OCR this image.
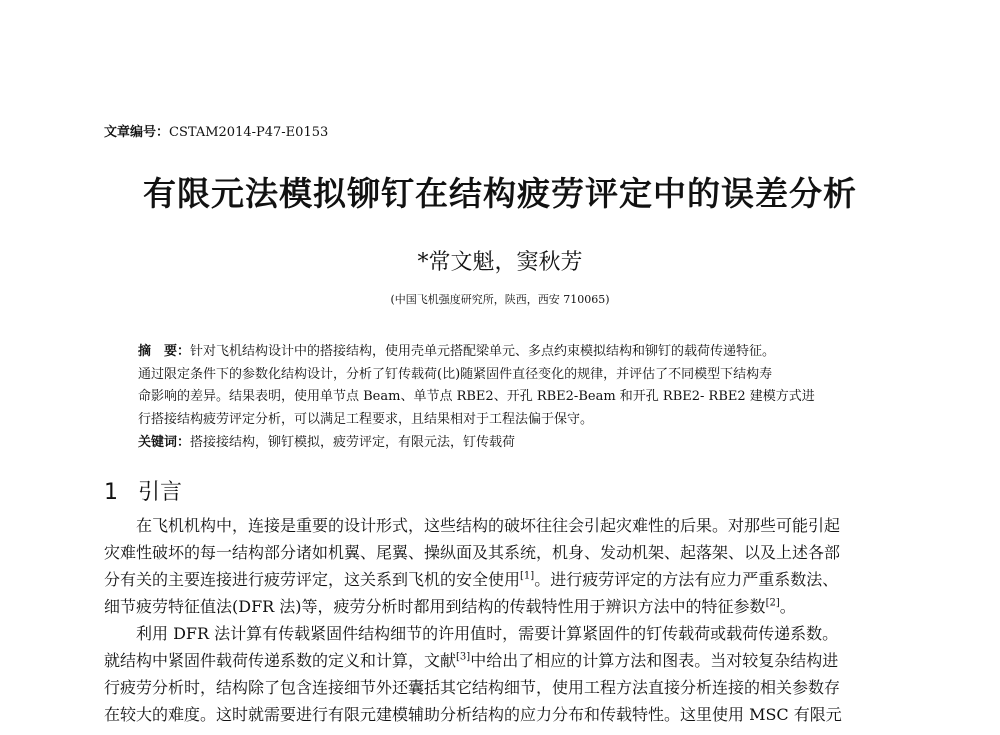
文章编号：CSTAM2014-P47-E0153
有限元法模拟铆钉在结构疲劳评定中的误差分析
*常文魁，窦秋芳
(中国飞机强度研究所，陕西，西安 710065)
摘　要：针对飞机结构设计中的搭接结构，使用壳单元搭配梁单元、多点约束模拟结构和铆钉的载荷传递特征。
通过限定条件下的参数化结构设计，分析了钉传载荷(比)随紧固件直径变化的规律，并评估了不同模型下结构寿
命影响的差异。结果表明，使用单节点 Beam、单节点 RBE2、开孔 RBE2-Beam 和开孔 RBE2- RBE2 建模方式进
行搭接结构疲劳评定分析，可以满足工程要求，且结果相对于工程法偏于保守。
关键词：搭接接结构，铆钉模拟，疲劳评定，有限元法，钉传载荷
1 引言
在飞机机构中，连接是重要的设计形式，这些结构的破坏往往会引起灾难性的后果。对那些可能引起
灾难性破坏的每一结构部分诸如机翼、尾翼、操纵面及其系统，机身、发动机架、起落架、以及上述各部
分有关的主要连接进行疲劳评定，这关系到飞机的安全使用[1]。进行疲劳评定的方法有应力严重系数法、
细节疲劳特征值法(DFR 法)等，疲劳分析时都用到结构的传载特性用于辨识方法中的特征参数[2]。
利用 DFR 法计算有传载紧固件结构细节的许用值时，需要计算紧固件的钉传载荷或载荷传递系数。
就结构中紧固件载荷传递系数的定义和计算，文献[3]中给出了相应的计算方法和图表。当对较复杂结构进
行疲劳分析时，结构除了包含连接细节外还囊括其它结构细节，使用工程方法直接分析连接的相关参数存
在较大的难度。这时就需要进行有限元建模辅助分析结构的应力分布和传载特性。这里使用 MSC 有限元
